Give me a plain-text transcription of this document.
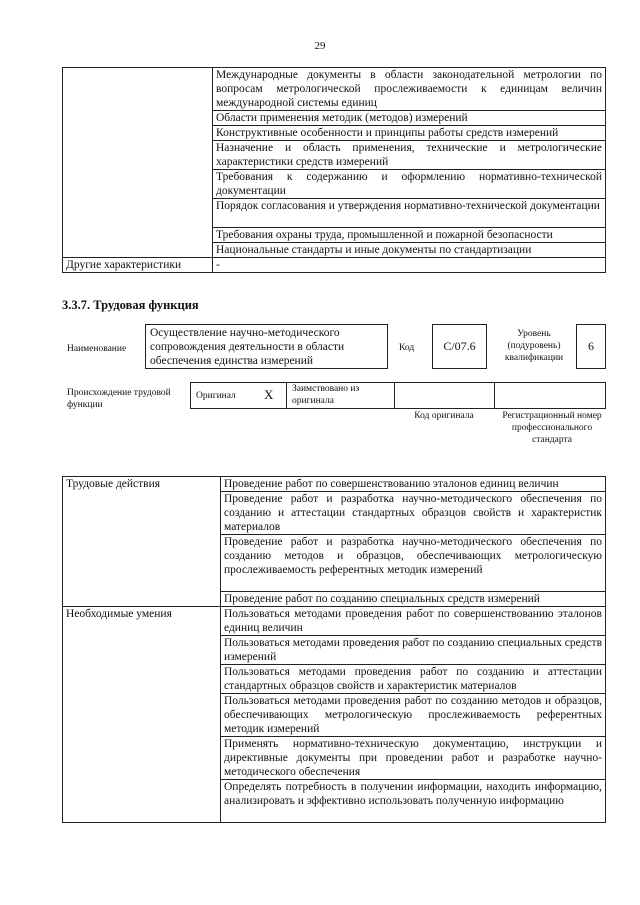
29
	Международные документы в области законодательной метрологии по вопросам метрологической прослеживаемости к единицам величин международной системы единиц
	Области применения методик (методов) измерений
	Конструктивные особенности и принципы работы средств измерений
	Назначение и область применения, технические и метрологические характеристики средств измерений
	Требования к содержанию и оформлению нормативно-технической документации
	Порядок согласования и утверждения нормативно-технической документации
	Требования охраны труда, промышленной и пожарной безопасности
	Национальные стандарты и иные документы по стандартизации
Другие характеристики	-
3.3.7. Трудовая функция
Наименование
Осуществление научно-методического сопровождения деятельности в области обеспечения единства измерений
Код	C/07.6
Уровень (подуровень) квалификации
6
Происхождение трудовой функции
Оригинал X Заимствовано из оригинала
Код оригинала	Регистрационный номер профессионального стандарта
Трудовые действия	Проведение работ по совершенствованию эталонов единиц величин
	Проведение работ и разработка научно-методического обеспечения по созданию и аттестации стандартных образцов свойств и характеристик материалов
	Проведение работ и разработка научно-методического обеспечения по созданию методов и образцов, обеспечивающих метрологическую прослеживаемость референтных методик измерений
	Проведение работ по созданию специальных средств измерений
Необходимые умения	Пользоваться методами проведения работ по совершенствованию эталонов единиц величин
	Пользоваться методами проведения работ по созданию специальных средств измерений
	Пользоваться методами проведения работ по созданию и аттестации стандартных образцов свойств и характеристик материалов
	Пользоваться методами проведения работ по созданию методов и образцов, обеспечивающих метрологическую прослеживаемость референтных методик измерений
	Применять нормативно-техническую документацию, инструкции и директивные документы при проведении работ и разработке научно-методического обеспечения
	Определять потребность в получении информации, находить информацию, анализировать и эффективно использовать полученную информацию
